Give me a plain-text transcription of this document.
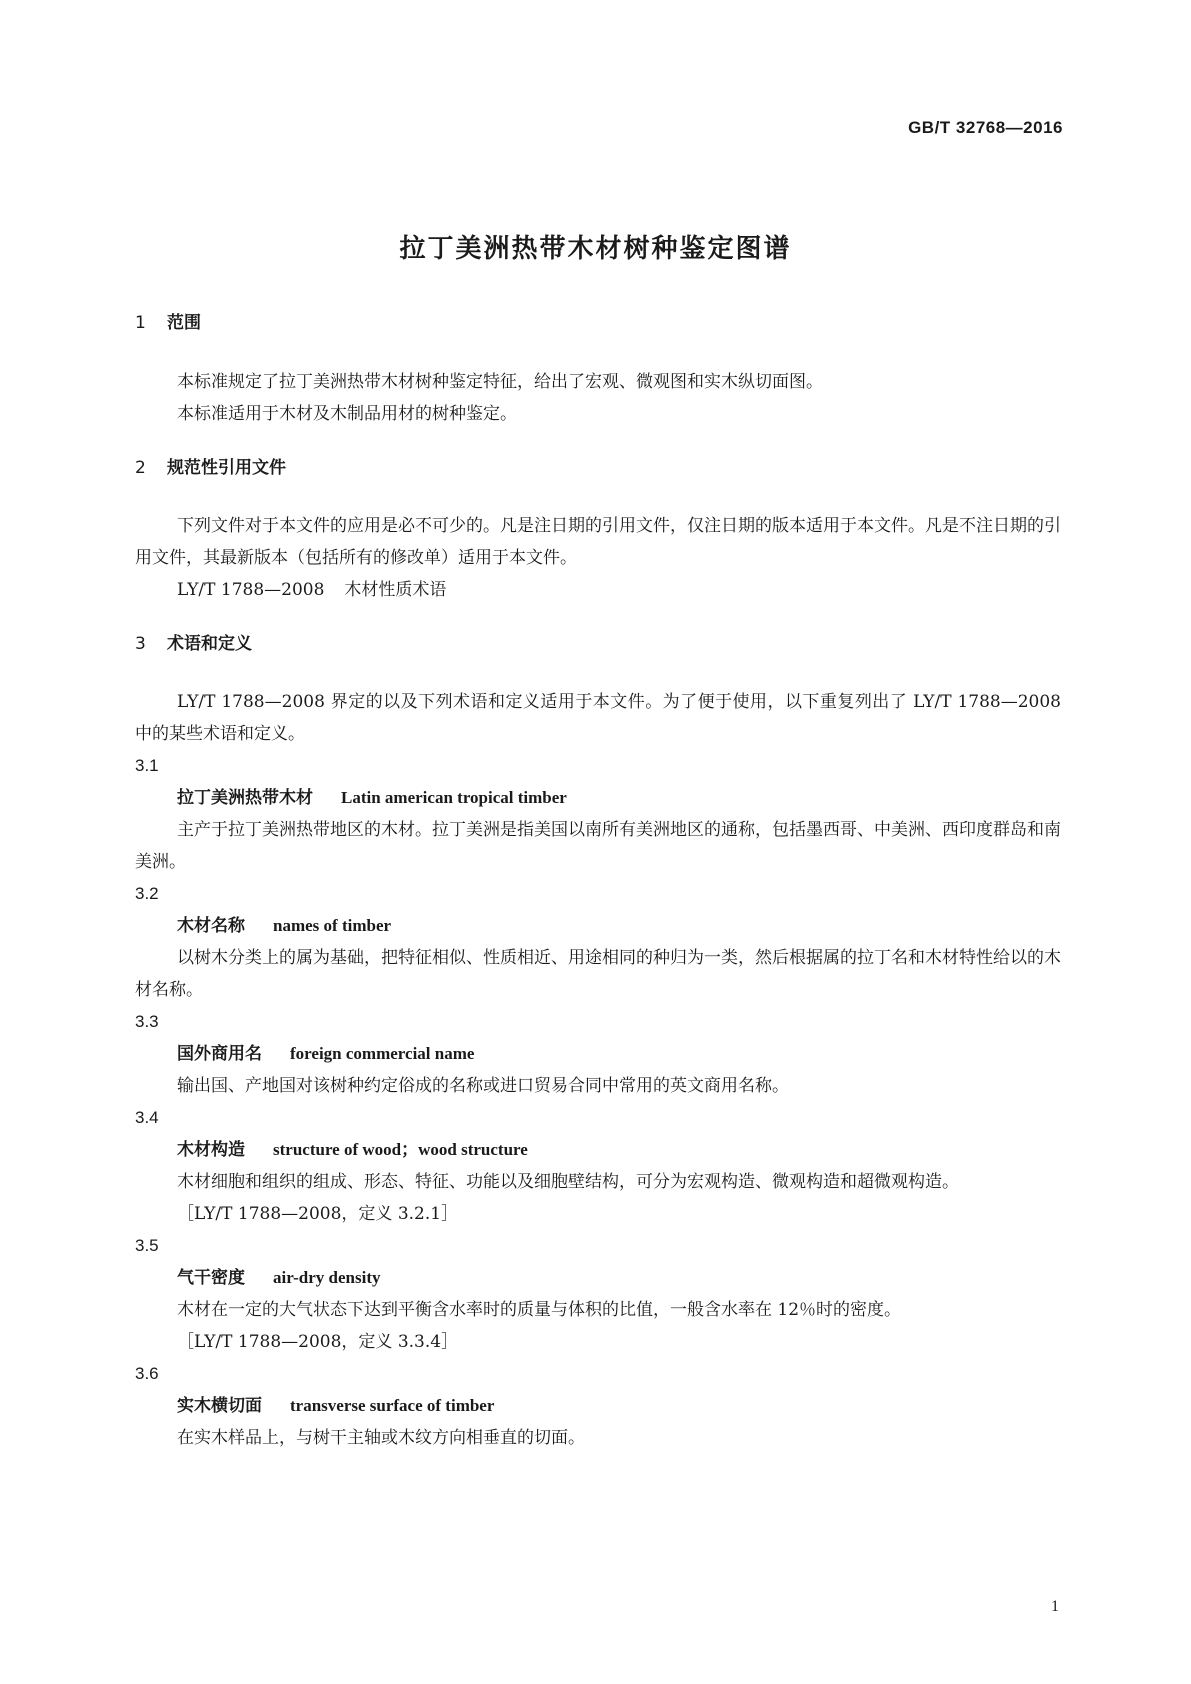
GB/T 32768—2016
拉丁美洲热带木材树种鉴定图谱

1 范围

本标准规定了拉丁美洲热带木材树种鉴定特征，给出了宏观、微观图和实木纵切面图。

本标准适用于木材及木制品用材的树种鉴定。

2 规范性引用文件

下列文件对于本文件的应用是必不可少的。凡是注日期的引用文件，仅注日期的版本适用于本文件。凡是不注日期的引用文件，其最新版本（包括所有的修改单）适用于本文件。

LY/T 1788—2008 木材性质术语

3 术语和定义

LY/T 1788—2008 界定的以及下列术语和定义适用于本文件。为了便于使用，以下重复列出了 LY/T 1788—2008 中的某些术语和定义。

3.1

拉丁美洲热带木材 Latin american tropical timber

主产于拉丁美洲热带地区的木材。拉丁美洲是指美国以南所有美洲地区的通称，包括墨西哥、中美洲、西印度群岛和南美洲。

3.2

木材名称 names of timber

以树木分类上的属为基础，把特征相似、性质相近、用途相同的种归为一类，然后根据属的拉丁名和木材特性给以的木材名称。

3.3

国外商用名 foreign commercial name

输出国、产地国对该树种约定俗成的名称或进口贸易合同中常用的英文商用名称。

3.4

木材构造 structure of wood；wood structure

木材细胞和组织的组成、形态、特征、功能以及细胞壁结构，可分为宏观构造、微观构造和超微观构造。

［LY/T 1788—2008，定义 3.2.1］

3.5

气干密度 air-dry density

木材在一定的大气状态下达到平衡含水率时的质量与体积的比值，一般含水率在 12％时的密度。

［LY/T 1788—2008，定义 3.3.4］

3.6

实木横切面 transverse surface of timber

在实木样品上，与树干主轴或木纹方向相垂直的切面。

1
